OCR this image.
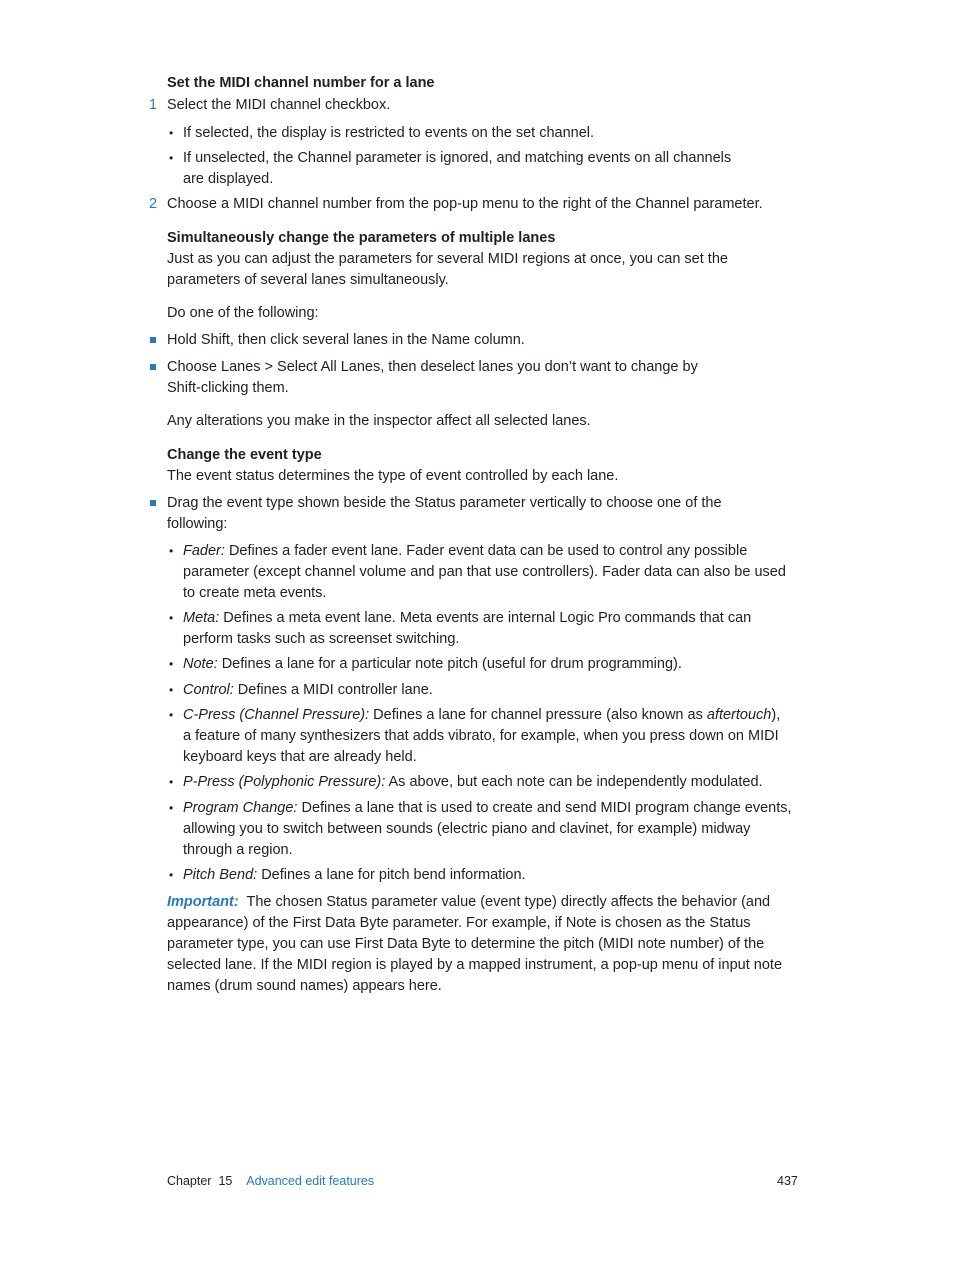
Set the MIDI channel number for a lane
1 Select the MIDI channel checkbox.
• If selected, the display is restricted to events on the set channel.
• If unselected, the Channel parameter is ignored, and matching events on all channels are displayed.
2 Choose a MIDI channel number from the pop-up menu to the right of the Channel parameter.
Simultaneously change the parameters of multiple lanes
Just as you can adjust the parameters for several MIDI regions at once, you can set the parameters of several lanes simultaneously.
Do one of the following:
Hold Shift, then click several lanes in the Name column.
Choose Lanes > Select All Lanes, then deselect lanes you don’t want to change by Shift-clicking them.
Any alterations you make in the inspector affect all selected lanes.
Change the event type
The event status determines the type of event controlled by each lane.
Drag the event type shown beside the Status parameter vertically to choose one of the following:
• Fader: Defines a fader event lane. Fader event data can be used to control any possible parameter (except channel volume and pan that use controllers). Fader data can also be used to create meta events.
• Meta: Defines a meta event lane. Meta events are internal Logic Pro commands that can perform tasks such as screenset switching.
• Note: Defines a lane for a particular note pitch (useful for drum programming).
• Control: Defines a MIDI controller lane.
• C-Press (Channel Pressure): Defines a lane for channel pressure (also known as aftertouch), a feature of many synthesizers that adds vibrato, for example, when you press down on MIDI keyboard keys that are already held.
• P-Press (Polyphonic Pressure): As above, but each note can be independently modulated.
• Program Change: Defines a lane that is used to create and send MIDI program change events, allowing you to switch between sounds (electric piano and clavinet, for example) midway through a region.
• Pitch Bend: Defines a lane for pitch bend information.
Important:  The chosen Status parameter value (event type) directly affects the behavior (and appearance) of the First Data Byte parameter. For example, if Note is chosen as the Status parameter type, you can use First Data Byte to determine the pitch (MIDI note number) of the selected lane. If the MIDI region is played by a mapped instrument, a pop-up menu of input note names (drum sound names) appears here.
Chapter 15 Advanced edit features	437
